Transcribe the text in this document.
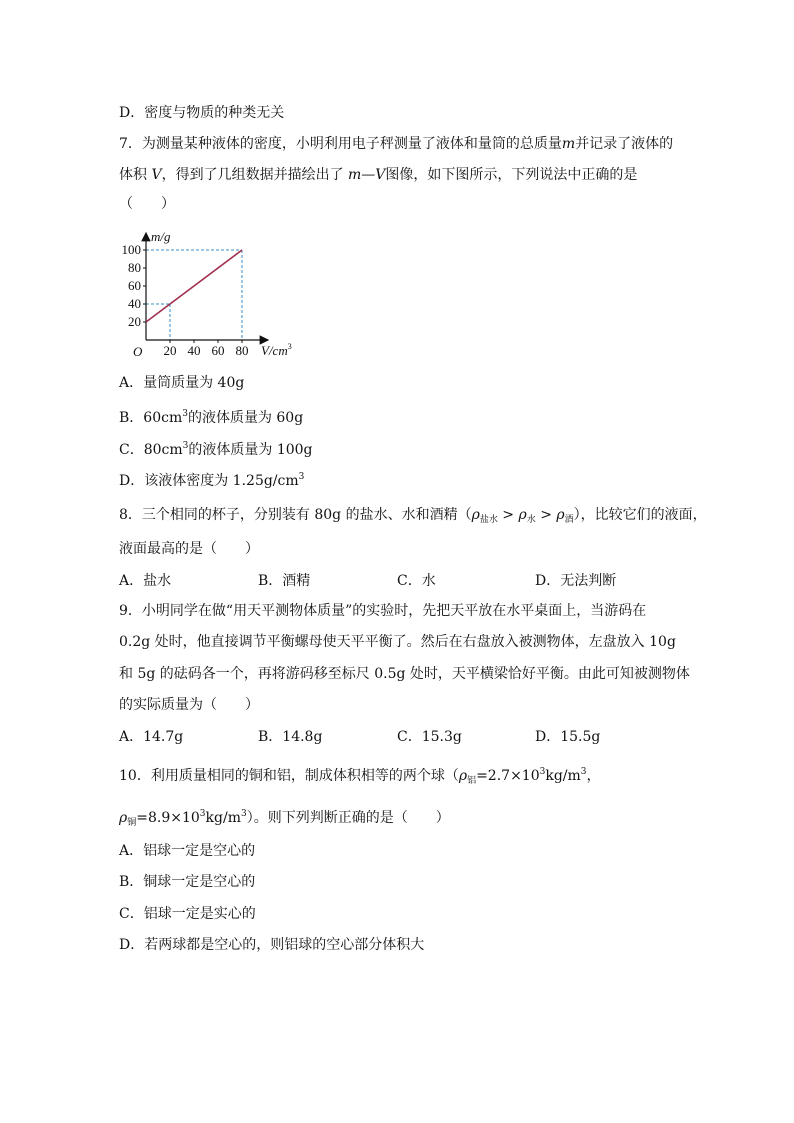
D．密度与物质的种类无关
7．为测量某种液体的密度，小明利用电子秤测量了液体和量筒的总质量m并记录了液体的
体积 V，得到了几组数据并描绘出了 m—V图像，如下图所示，下列说法中正确的是
（　　）
20
40
60
80
100
20 40 60 80
O
m/g
$V/cm^3$
A．量筒质量为 40g
B．$60cm^3$的液体质量为 60g
C．$80cm^3$的液体质量为 100g
D．该液体密度为 $1.25g/cm^3$
8．三个相同的杯子，分别装有 80g 的盐水、水和酒精$(\rho_{盐水} > \rho_水 > \rho_酒)$，比较它们的液面，
液面最高的是（　　）
A．盐水	B．酒精	C．水	D．无法判断
9．小明同学在做“用天平测物体质量”的实验时，先把天平放在水平桌面上，当游码在
0.2g 处时，他直接调节平衡螺母使天平平衡了。然后在右盘放入被测物体，左盘放入 10g
和 5g 的砝码各一个，再将游码移至标尺 0.5g 处时，天平横梁恰好平衡。由此可知被测物体
的实际质量为（　　）
A．14.7g	B．14.8g	C．15.3g	D．15.5g
10．利用质量相同的铜和铝，制成体积相等的两个球（$\rho_铝=2.7\times 10^3kg/m^3$，
$\rho_铜=8.9\times 10^3kg/m^3$）。则下列判断正确的是（　　）
A．铝球一定是空心的
B．铜球一定是空心的
C．铝球一定是实心的
D．若两球都是空心的，则铝球的空心部分体积大
